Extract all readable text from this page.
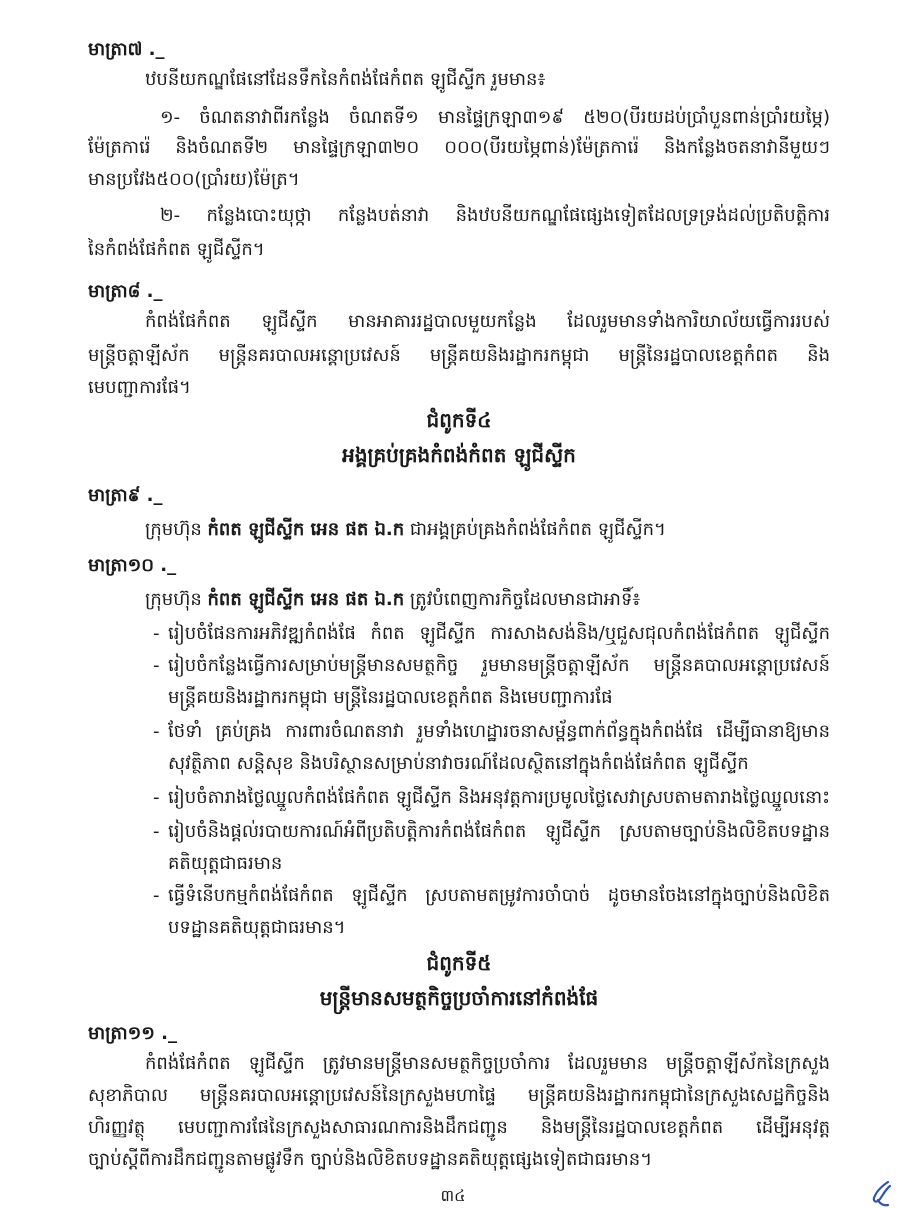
មាត្រា៧ ._
ឋបនីយកណ្ឌផែនៅដែនទឹកនៃកំពង់ផែកំពត ឡូជីស្ទីក រួមមាន៖
១- ចំណតនាវាពីរកន្លែង ចំណតទី១ មានផ្ទៃក្រឡា៣១៩ ៥២០(បីរយដប់ប្រាំបួនពាន់ប្រាំរយម្ភៃ)
ម៉ែត្រការ៉េ និងចំណតទី២ មានផ្ទៃក្រឡា៣២០ ០០០(បីរយម្ភៃពាន់)ម៉ែត្រការ៉េ និងកន្លែងចតនាវានីមួយៗ
មានប្រវែង៥០០(ប្រាំរយ)ម៉ែត្រ។
២- កន្លែងបោះយុថ្កា កន្លែងបត់នាវា និងឋបនីយកណ្ឌផែផ្សេងទៀតដែលទ្រទ្រង់ដល់ប្រតិបត្តិការ
នៃកំពង់ផែកំពត ឡូជីស្ទីក។
មាត្រា៨ ._
កំពង់ផែកំពត ឡូជីស្ទីក មានអាគាររដ្ឋបាលមួយកន្លែង ដែលរួមមានទាំងការិយាល័យធ្វើការរបស់
មន្ត្រីចត្តាឡីស័ក មន្ត្រីនគរបាលអន្តោប្រវេសន៍ មន្ត្រីគយនិងរដ្ឋាករកម្ពុជា មន្ត្រីនៃរដ្ឋបាលខេត្តកំពត និង
មេបញ្ជាការផែ។
ជំពូកទី៤
អង្គគ្រប់គ្រងកំពង់កំពត ឡូជីស្ទីក
មាត្រា៩ ._
ក្រុមហ៊ុន កំពត ឡូជីស្ទីក អេន ផត ឯ.ក ជាអង្គគ្រប់គ្រងកំពង់ផែកំពត ឡូជីស្ទីក។
មាត្រា១០ ._
ក្រុមហ៊ុន កំពត ឡូជីស្ទីក អេន ផត ឯ.ក ត្រូវបំពេញការកិច្ចដែលមានជាអាទិ៍៖
- រៀបចំផែនការអភិវឌ្ឍកំពង់ផែ កំពត ឡូជីស្ទីក ការសាងសង់និង/ឬជួសជុលកំពង់ផែកំពត ឡូជីស្ទីក
- រៀបចំកន្លែងធ្វើការសម្រាប់មន្ត្រីមានសមត្ថកិច្ច រួមមានមន្ត្រីចត្តាឡីស័ក មន្ត្រីនគបាលអន្តោប្រវេសន៍
មន្ត្រីគយនិងរដ្ឋាករកម្ពុជា មន្ត្រីនៃរដ្ឋបាលខេត្តកំពត និងមេបញ្ជាការផែ
- ថែទាំ គ្រប់គ្រង ការពារចំណតនាវា រួមទាំងហេដ្ឋារចនាសម្ព័ន្ធពាក់ព័ន្ធក្នុងកំពង់ផែ ដើម្បីធានាឱ្យមាន
សុវត្ថិភាព សន្តិសុខ និងបរិស្ថានសម្រាប់នាវាចរណ៍ដែលស្ថិតនៅក្នុងកំពង់ផែកំពត ឡូជីស្ទីក
- រៀបចំតារាងថ្លៃឈ្នួលកំពង់ផែកំពត ឡូជីស្ទីក និងអនុវត្តការប្រមូលថ្លៃសេវាស្របតាមតារាងថ្លៃឈ្នួលនោះ
- រៀបចំនិងផ្ដល់របាយការណ៍អំពីប្រតិបត្តិការកំពង់ផែកំពត ឡូជីស្ទីក ស្របតាមច្បាប់និងលិខិតបទដ្ឋាន
គតិយុត្តជាធរមាន
- ធ្វើទំនើបកម្មកំពង់ផែកំពត ឡូជីស្ទីក ស្របតាមតម្រូវការចាំបាច់ ដូចមានចែងនៅក្នុងច្បាប់និងលិខិត
បទដ្ឋានគតិយុត្តជាធរមាន។
ជំពូកទី៥
មន្ត្រីមានសមត្ថកិច្ចប្រចាំការនៅកំពង់ផែ
មាត្រា១១ ._
កំពង់ផែកំពត ឡូជីស្ទីក ត្រូវមានមន្ត្រីមានសមត្ថកិច្ចប្រចាំការ ដែលរួមមាន មន្ត្រីចត្តាឡីស័កនៃក្រសួង
សុខាភិបាល មន្ត្រីនគរបាលអន្តោប្រវេសន៍នៃក្រសួងមហាផ្ទៃ មន្ត្រីគយនិងរដ្ឋាករកម្ពុជានៃក្រសួងសេដ្ឋកិច្ចនិង
ហិរញ្ញវត្ថុ មេបញ្ជាការផែនៃក្រសួងសាធារណការនិងដឹកជញ្ជូន និងមន្ត្រីនៃរដ្ឋបាលខេត្តកំពត ដើម្បីអនុវត្ត
ច្បាប់ស្តីពីការដឹកជញ្ជូនតាមផ្លូវទឹក ច្បាប់និងលិខិតបទដ្ឋានគតិយុត្តផ្សេងទៀតជាធរមាន។
៣៤
